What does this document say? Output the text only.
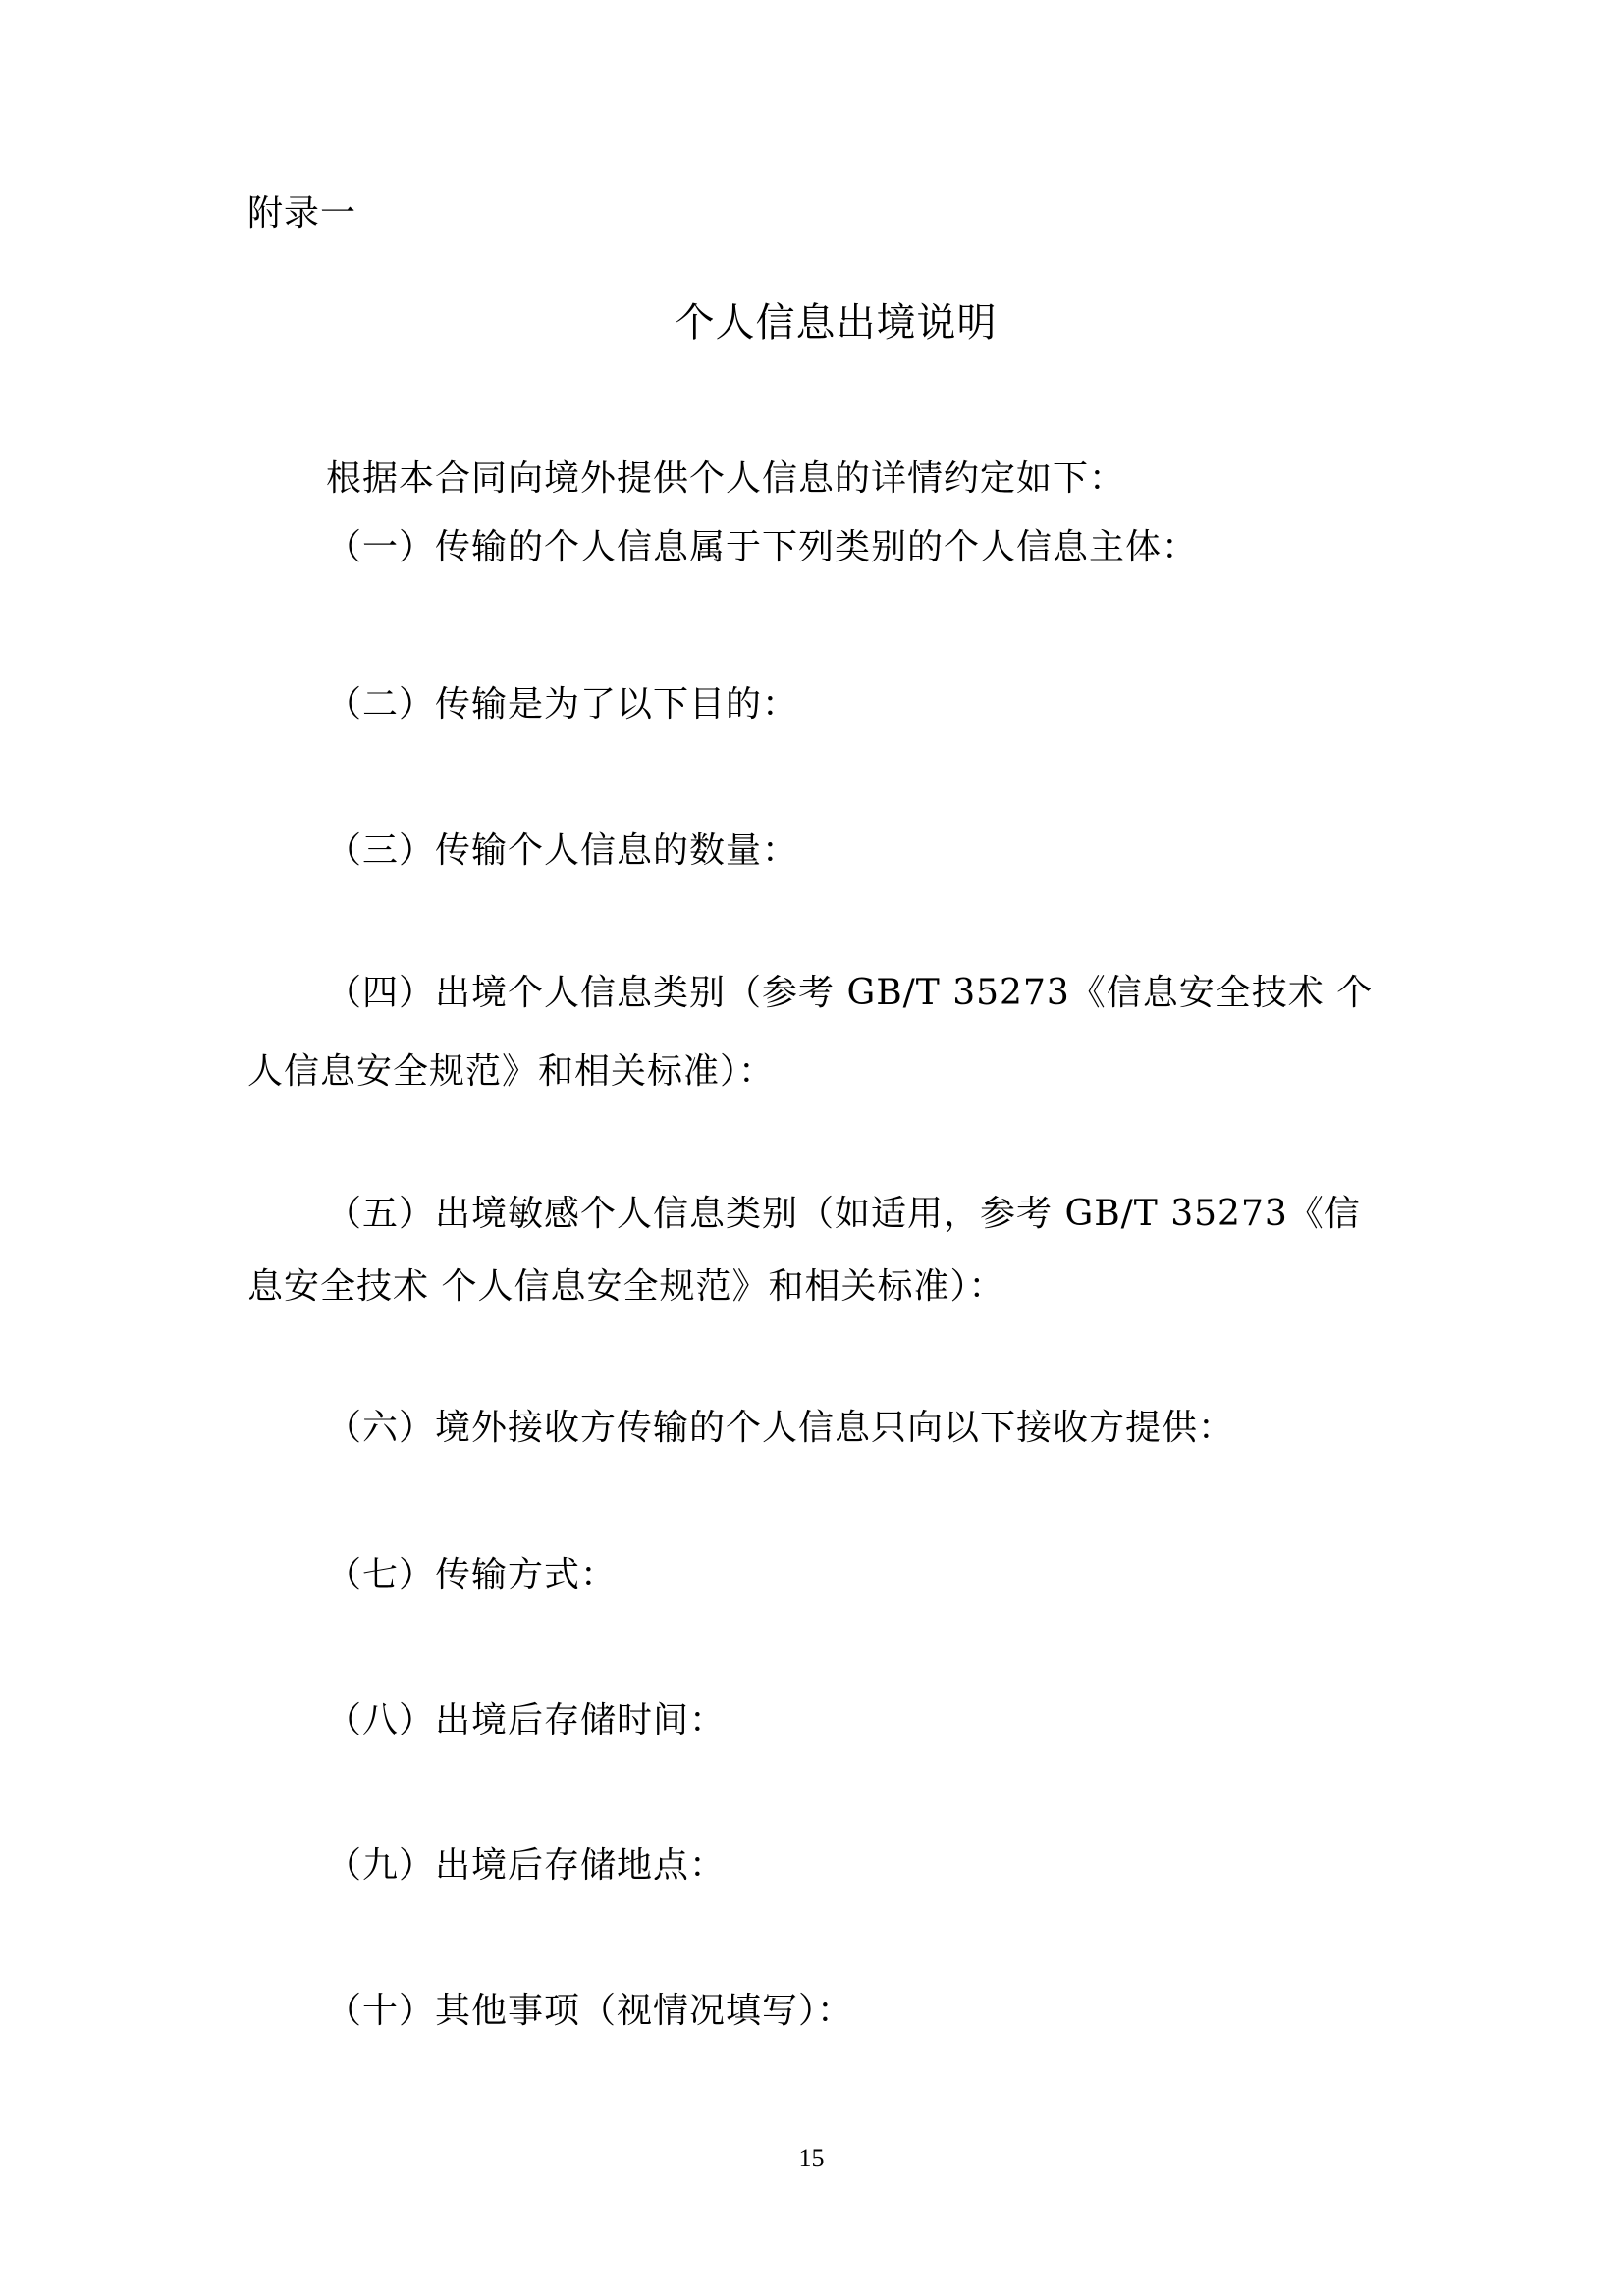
附录一
个人信息出境说明
根据本合同向境外提供个人信息的详情约定如下：
（一）传输的个人信息属于下列类别的个人信息主体：
（二）传输是为了以下目的：
（三）传输个人信息的数量：
（四）出境个人信息类别（参考 GB/T 35273《信息安全技术 个
人信息安全规范》和相关标准）：
（五）出境敏感个人信息类别（如适用，参考 GB/T 35273《信
息安全技术 个人信息安全规范》和相关标准）：
（六）境外接收方传输的个人信息只向以下接收方提供：
（七）传输方式：
（八）出境后存储时间：
（九）出境后存储地点：
（十）其他事项（视情况填写）：
15
